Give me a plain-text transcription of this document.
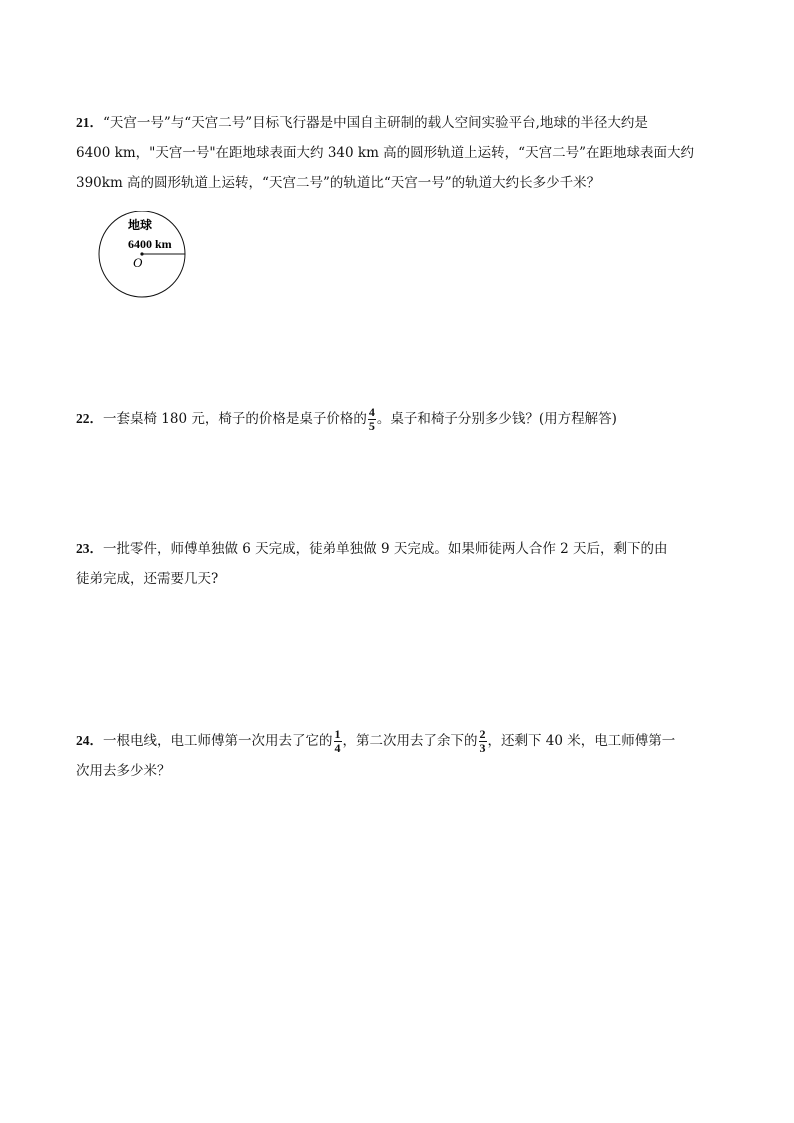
21．“天宫一号”与“天宫二号”目标飞行器是中国自主研制的载人空间实验平台,地球的半径大约是
6400 km，"天宫一号"在距地球表面大约 340 km 高的圆形轨道上运转，“天宫二号”在距地球表面大约
390km 高的圆形轨道上运转，“天宫二号”的轨道比“天宫一号”的轨道大约长多少千米？
地球
6400 km
O
22．一套桌椅 180 元，椅子的价格是桌子价格的 $\frac{4}{5}$ 。桌子和椅子分别多少钱？(用方程解答)
23．一批零件，师傅单独做 6 天完成，徒弟单独做 9 天完成。如果师徒两人合作 2 天后，剩下的由
徒弟完成，还需要几天?
24．一根电线，电工师傅第一次用去了它的 $\frac{1}{4}$ ，第二次用去了余下的 $\frac{2}{3}$ ，还剩下 40 米，电工师傅第一
次用去多少米？
